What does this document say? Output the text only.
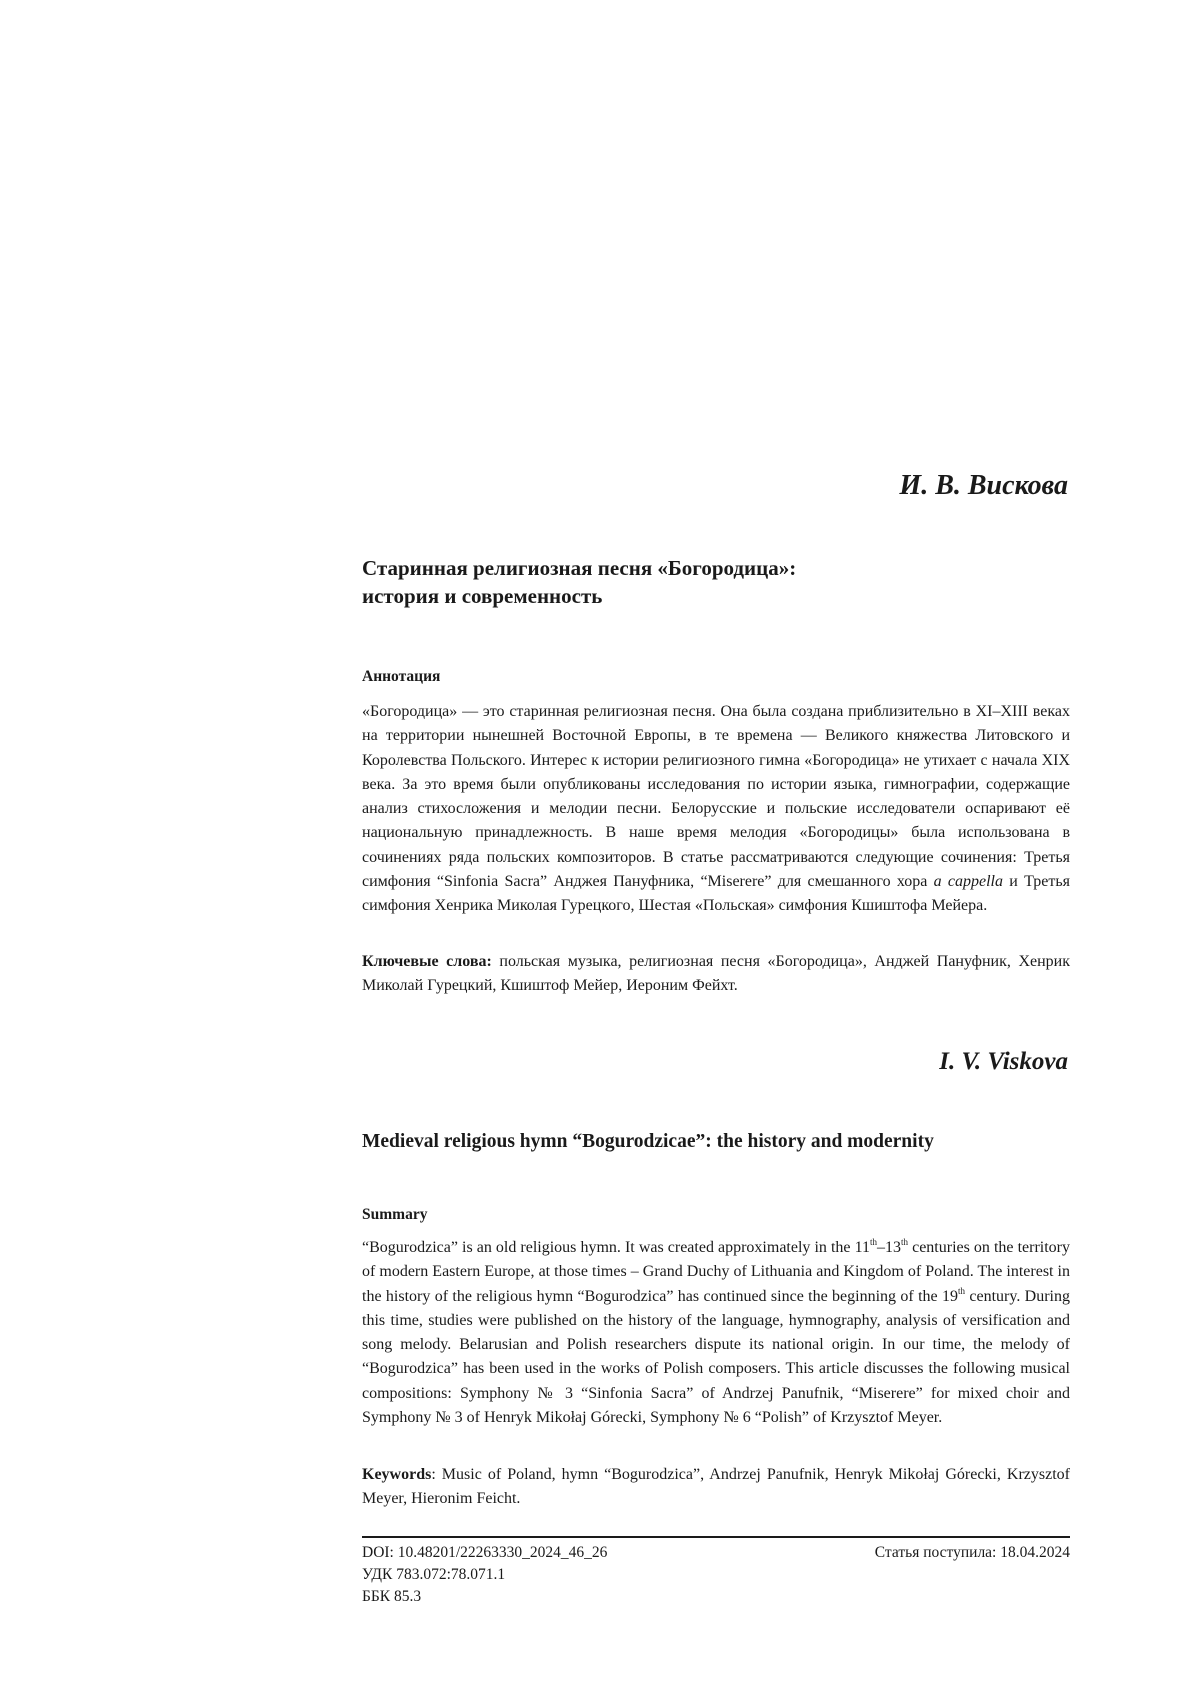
И. В. Вискова

Старинная религиозная песня «Богородица»:

история и современность

Аннотация

«Богородица» — это старинная религиозная песня. Она была создана приблизительно в XI–XIII веках на территории нынешней Восточной Европы, в те времена — Великого княжества Литовского и Королевства Польского. Интерес к истории религиозного гимна «Богородица» не утихает с начала XIX века. За это время были опубликованы исследования по истории языка, гимнографии, содержащие анализ стихосложения и мелодии песни. Белорусские и польские исследователи оспаривают её национальную принадлежность. В наше время мелодия «Богородицы» была использована в сочинениях ряда польских композиторов. В статье рассматриваются следующие сочинения: Третья симфония “Sinfonia Sacra” Анджея Пануфника, “Miserere” для смешанного хора a cappella и Третья симфония Хенрика Миколая Гурецкого, Шестая «Польская» симфония Кшиштофа Мейера.

Ключевые слова: польская музыка, религиозная песня «Богородица», Анджей Пануфник, Хенрик Миколай Гурецкий, Кшиштоф Мейер, Иероним Фейхт.

I. V. Viskova

Medieval religious hymn “Bogurodzicae”: the history and modernity

Summary

“Bogurodzica” is an old religious hymn. It was created approximately in the 11th–13th centuries on the territory of modern Eastern Europe, at those times – Grand Duchy of Lithuania and Kingdom of Poland. The interest in the history of the religious hymn “Bogurodzica” has continued since the beginning of the 19th century. During this time, studies were published on the history of the language, hymnography, analysis of versification and song melody. Belarusian and Polish researchers dispute its national origin. In our time, the melody of “Bogurodzica” has been used in the works of Polish composers. This article discusses the following musical compositions: Symphony № 3 “Sinfonia Sacra” of Andrzej Panufnik, “Miserere” for mixed choir and Symphony № 3 of Henryk Mikołaj Górecki, Symphony № 6 “Polish” of Krzysztof Meyer.

Keywords: Music of Poland, hymn “Bogurodzica”, Andrzej Panufnik, Henryk Mikołaj Górecki, Krzysztof Meyer, Hieronim Feicht.

DOI: 10.48201/22263330_2024_46_26	Статья поступила: 18.04.2024
УДК 783.072:78.071.1
ББК 85.3
